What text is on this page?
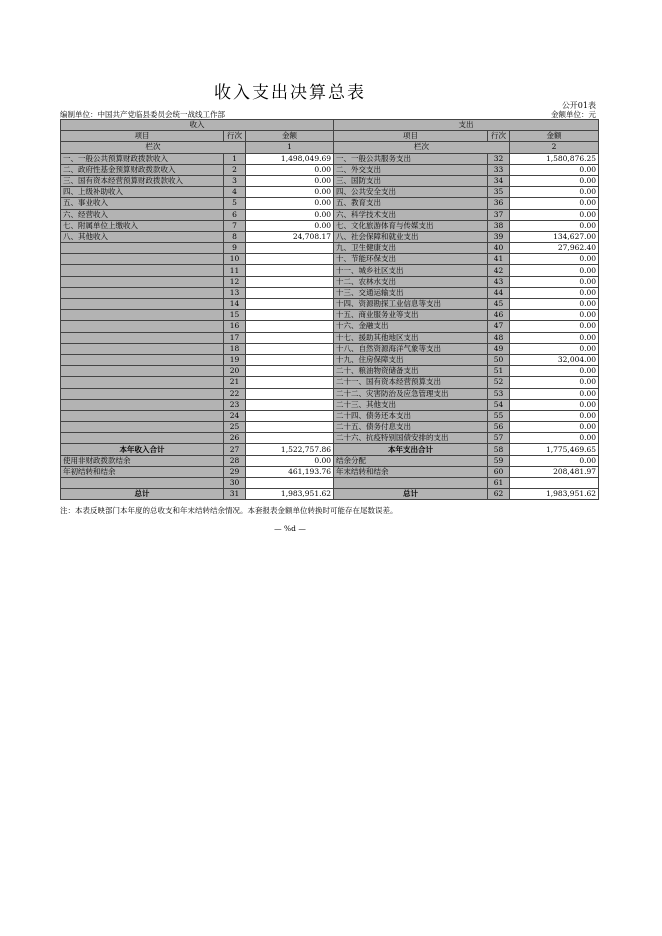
收入支出决算总表
公开01表
编制单位：中国共产党临县委员会统一战线工作部	金额单位：元
收入			支出		
项目	行次	金额	项目	行次	金额
栏次		1	栏次		2
一、一般公共预算财政拨款收入	1	1,498,049.69	一、一般公共服务支出	32	1,580,876.25
二、政府性基金预算财政拨款收入	2	0.00	二、外交支出	33	0.00
三、国有资本经营预算财政拨款收入	3	0.00	三、国防支出	34	0.00
四、上级补助收入	4	0.00	四、公共安全支出	35	0.00
五、事业收入	5	0.00	五、教育支出	36	0.00
六、经营收入	6	0.00	六、科学技术支出	37	0.00
七、附属单位上缴收入	7	0.00	七、文化旅游体育与传媒支出	38	0.00
八、其他收入	8	24,708.17	八、社会保障和就业支出	39	134,627.00
	9		九、卫生健康支出	40	27,962.40
	10		十、节能环保支出	41	0.00
	11		十一、城乡社区支出	42	0.00
	12		十二、农林水支出	43	0.00
	13		十三、交通运输支出	44	0.00
	14		十四、资源勘探工业信息等支出	45	0.00
	15		十五、商业服务业等支出	46	0.00
	16		十六、金融支出	47	0.00
	17		十七、援助其他地区支出	48	0.00
	18		十八、自然资源海洋气象等支出	49	0.00
	19		十九、住房保障支出	50	32,004.00
	20		二十、粮油物资储备支出	51	0.00
	21		二十一、国有资本经营预算支出	52	0.00
	22		二十二、灾害防治及应急管理支出	53	0.00
	23		二十三、其他支出	54	0.00
	24		二十四、债务还本支出	55	0.00
	25		二十五、债务付息支出	56	0.00
	26		二十六、抗疫特别国债安排的支出	57	0.00
本年收入合计	27	1,522,757.86	本年支出合计	58	1,775,469.65
使用非财政拨款结余	28	0.00	结余分配	59	0.00
年初结转和结余	29	461,193.76	年末结转和结余	60	208,481.97
	30			61	
总计	31	1,983,951.62	总计	62	1,983,951.62
注：本表反映部门本年度的总收支和年末结转结余情况。本套报表金额单位转换时可能存在尾数误差。
— %d —
